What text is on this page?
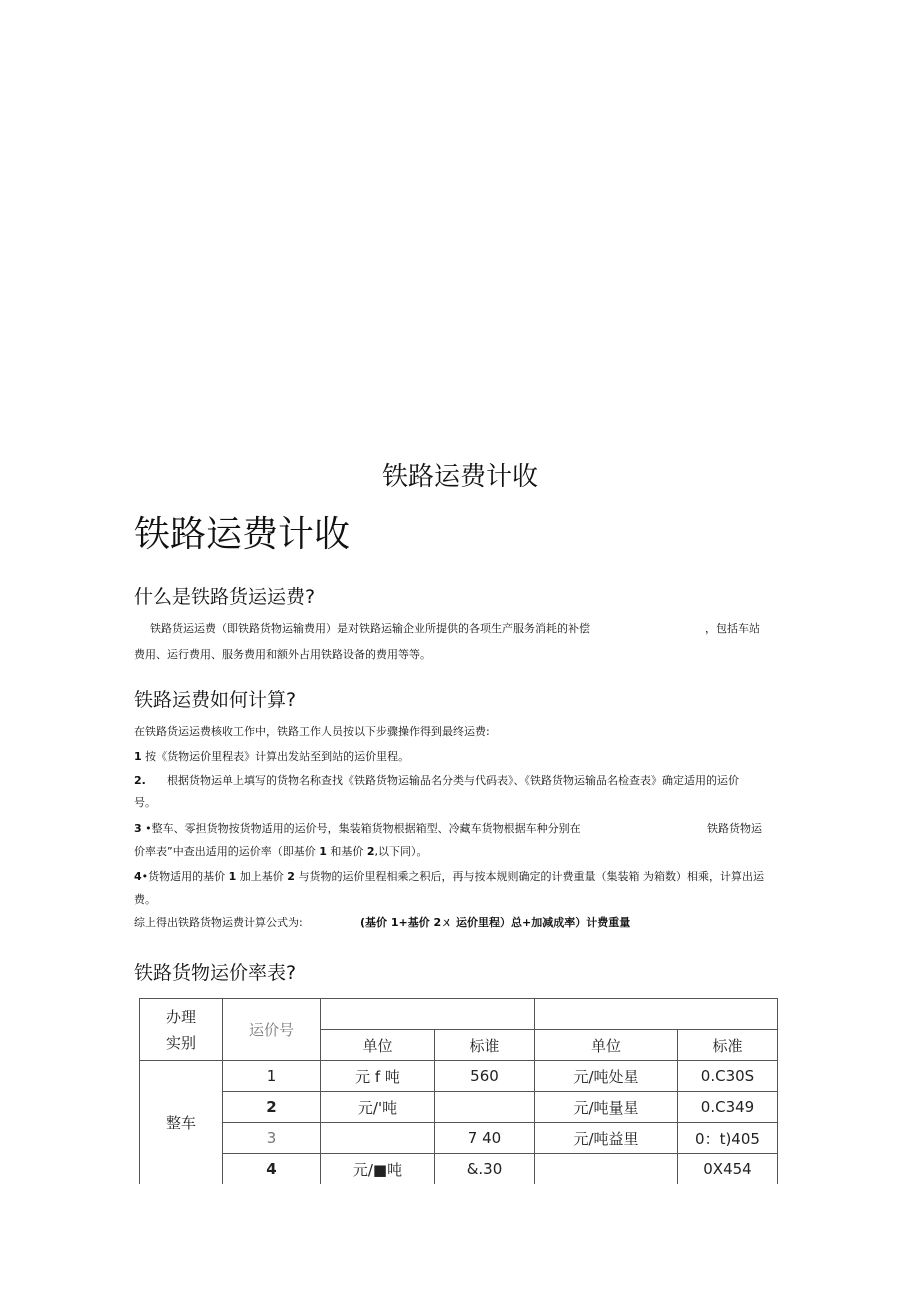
铁路运费计收
铁路运费计收
什么是铁路货运运费?
铁路货运运费（即铁路货物运输费用）是对铁路运输企业所提供的各项生产服务消耗的补偿	，包括车站
费用、运行费用、服务费用和额外占用铁路设备的费用等等。
铁路运费如何计算?
在铁路货运运费核收工作中，铁路工作人员按以下步骤操作得到最终运费:
1 按《货物运价里程表》计算出发站至到站的运价里程。
2. 根据货物运单上填写的货物名称查找《铁路货物运输品名分类与代码表》、《铁路货物运输品名检查表》确定适用的运价
号。
3 •整车、零担货物按货物适用的运价号，集装箱货物根据箱型、冷藏车货物根据车种分别在	铁路货物运
价率表”中查出适用的运价率（即基价 1 和基价 2,以下同）。
4•货物适用的基价 1 加上基价 2 与货物的运价里程相乘之积后，再与按本规则确定的计费重量（集装箱 为箱数）相乘，计算出运
费。
综上得出铁路货物运费计算公式为:	(基价 1+基价 2ㄨ 运价里程）总+加减成率）计费重量
铁路货物运价率表?
办理
实别	运价号				
		单位	标谁	单位	标准
整车	1	元 f 吨	560	元/吨处星	0.C30S
	2	元/'吨		元/吨量星	0.C349
	3		7 40	元/吨益里	0：t)405
	4	元/■吨	&.30		0X454
